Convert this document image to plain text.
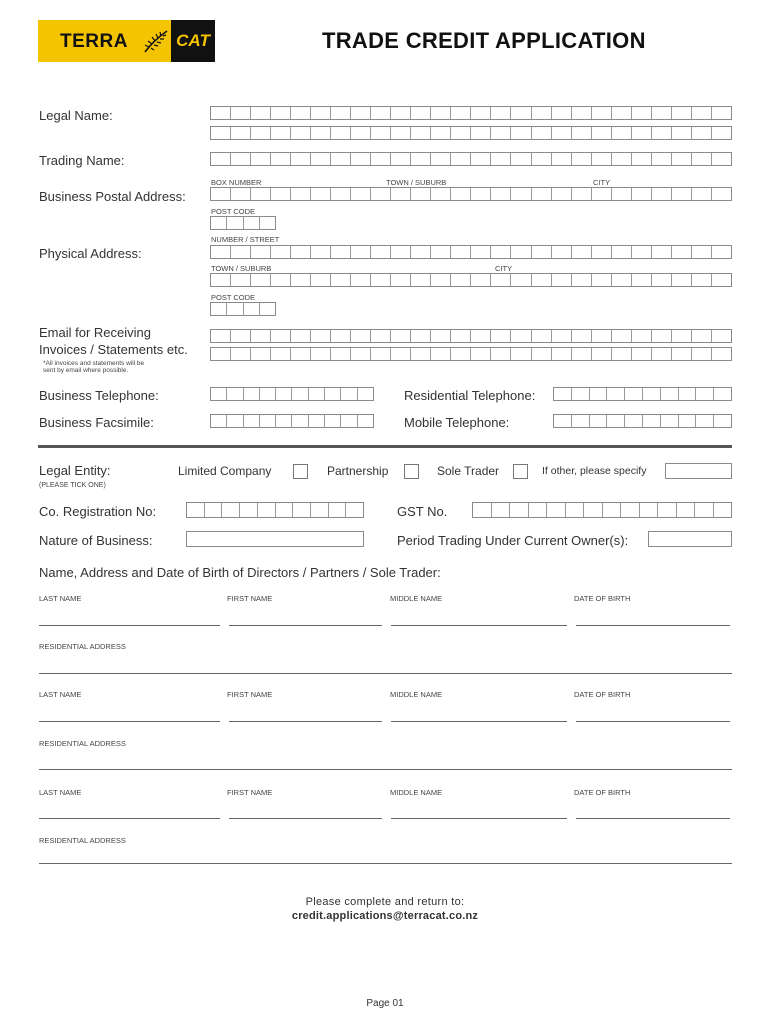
TERRA	CAT	TRADE CREDIT APPLICATION
Legal Name:
Trading Name:
BOX NUMBER	TOWN / SUBURB	CITY
Business Postal Address:
POST CODE
NUMBER / STREET
Physical Address:
TOWN / SUBURB	CITY
POST CODE
Email for Receiving
Invoices / Statements etc.
*All invoices and statements will be
sent by email where possible.
Business Telephone:	Residential Telephone:
Business Facsimile:	Mobile Telephone:
Legal Entity:
(PLEASE TICK ONE)
Limited Company	Partnership	Sole Trader	If other, please specify
Co. Registration No:	GST No.
Nature of Business:	Period Trading Under Current Owner(s):
Name, Address and Date of Birth of Directors / Partners / Sole Trader:
LAST NAME	FIRST NAME	MIDDLE NAME	DATE OF BIRTH
RESIDENTIAL ADDRESS
LAST NAME	FIRST NAME	MIDDLE NAME	DATE OF BIRTH
RESIDENTIAL ADDRESS
LAST NAME	FIRST NAME	MIDDLE NAME	DATE OF BIRTH
RESIDENTIAL ADDRESS
Please complete and return to:
credit.applications@terracat.co.nz
Page 01
